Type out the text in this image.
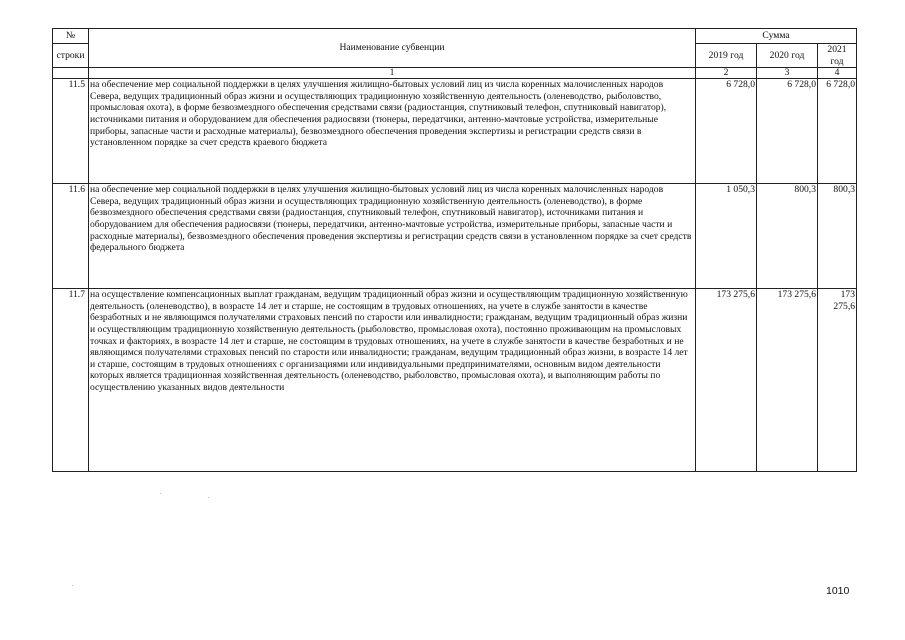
№	Наименование субвенции	Сумма		
строки		2019 год	2020 год	2021 год
	1	2	3	4
11.5	на обеспечение мер социальной поддержки в целях улучшения жилищно-бытовых условий лиц из числа коренных малочисленных народов Севера, ведущих традиционный образ жизни и осуществляющих традиционную хозяйственную деятельность (оленеводство, рыболовство, промысловая охота), в форме безвозмездного обеспечения средствами связи (радиостанция, спутниковый телефон, спутниковый навигатор), источниками питания и оборудованием для обеспечения радиосвязи (тюнеры, передатчики, антенно-мачтовые устройства, измерительные приборы, запасные части и расходные материалы), безвозмездного обеспечения проведения экспертизы и регистрации средств связи в установленном порядке за счет средств краевого бюджета	6 728,0	6 728,0	6 728,0
11.6	на обеспечение мер социальной поддержки в целях улучшения жилищно-бытовых условий лиц из числа коренных малочисленных народов Севера, ведущих традиционный образ жизни и осуществляющих традиционную хозяйственную деятельность (оленеводство), в форме безвозмездного обеспечения средствами связи (радиостанция, спутниковый телефон, спутниковый навигатор), источниками питания и оборудованием для обеспечения радиосвязи (тюнеры, передатчики, антенно-мачтовые устройства, измерительные приборы, запасные части и расходные материалы), безвозмездного обеспечения проведения экспертизы и регистрации средств связи в установленном порядке за счет средств федерального бюджета	1 050,3	800,3	800,3
11.7	на осуществление компенсационных выплат гражданам, ведущим традиционный образ жизни и осуществляющим традиционную хозяйственную деятельность (оленеводство), в возрасте 14 лет и старше, не состоящим в трудовых отношениях, на учете в службе занятости в качестве безработных и не являющимся получателями страховых пенсий по старости или инвалидности; гражданам, ведущим традиционный образ жизни и осуществляющим традиционную хозяйственную деятельность (рыболовство, промысловая охота), постоянно проживающим на промысловых точках и факториях, в возрасте 14 лет и старше, не состоящим в трудовых отношениях, на учете в службе занятости в качестве безработных и не являющимся получателями страховых пенсий по старости или инвалидности; гражданам, ведущим традиционный образ жизни, в возрасте 14 лет и старше, состоящим в трудовых отношениях с организациями или индивидуальными предпринимателями, основным видом деятельности которых является традиционная хозяйственная деятельность (оленеводство, рыболовство, промысловая охота), и выполняющим работы по осуществлению указанных видов деятельности	173 275,6	173 275,6	173 275,6
1010
